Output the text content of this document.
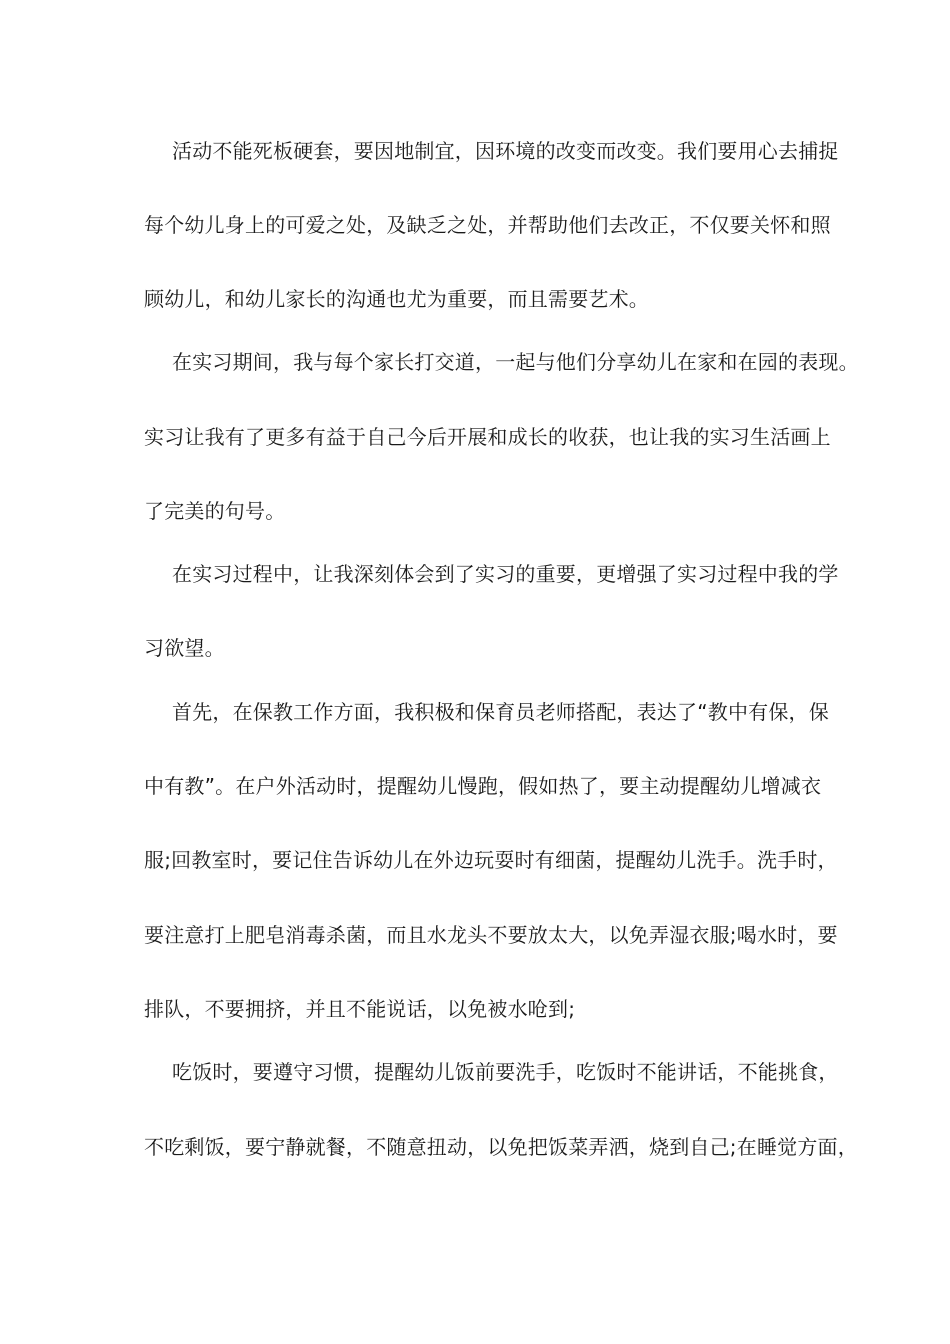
活动不能死板硬套，要因地制宜，因环境的改变而改变。我们要用心去捕捉
每个幼儿身上的可爱之处，及缺乏之处，并帮助他们去改正，不仅要关怀和照
顾幼儿，和幼儿家长的沟通也尤为重要，而且需要艺术。
在实习期间，我与每个家长打交道，一起与他们分享幼儿在家和在园的表现。
实习让我有了更多有益于自己今后开展和成长的收获，也让我的实习生活画上
了完美的句号。
在实习过程中，让我深刻体会到了实习的重要，更增强了实习过程中我的学
习欲望。
首先，在保教工作方面，我积极和保育员老师搭配，表达了“教中有保，保
中有教”。在户外活动时，提醒幼儿慢跑，假如热了，要主动提醒幼儿增减衣
服;回教室时，要记住告诉幼儿在外边玩耍时有细菌，提醒幼儿洗手。洗手时，
要注意打上肥皂消毒杀菌，而且水龙头不要放太大，以免弄湿衣服;喝水时，要
排队，不要拥挤，并且不能说话，以免被水呛到;
吃饭时，要遵守习惯，提醒幼儿饭前要洗手，吃饭时不能讲话，不能挑食，
不吃剩饭，要宁静就餐，不随意扭动，以免把饭菜弄洒，烧到自己;在睡觉方面，
